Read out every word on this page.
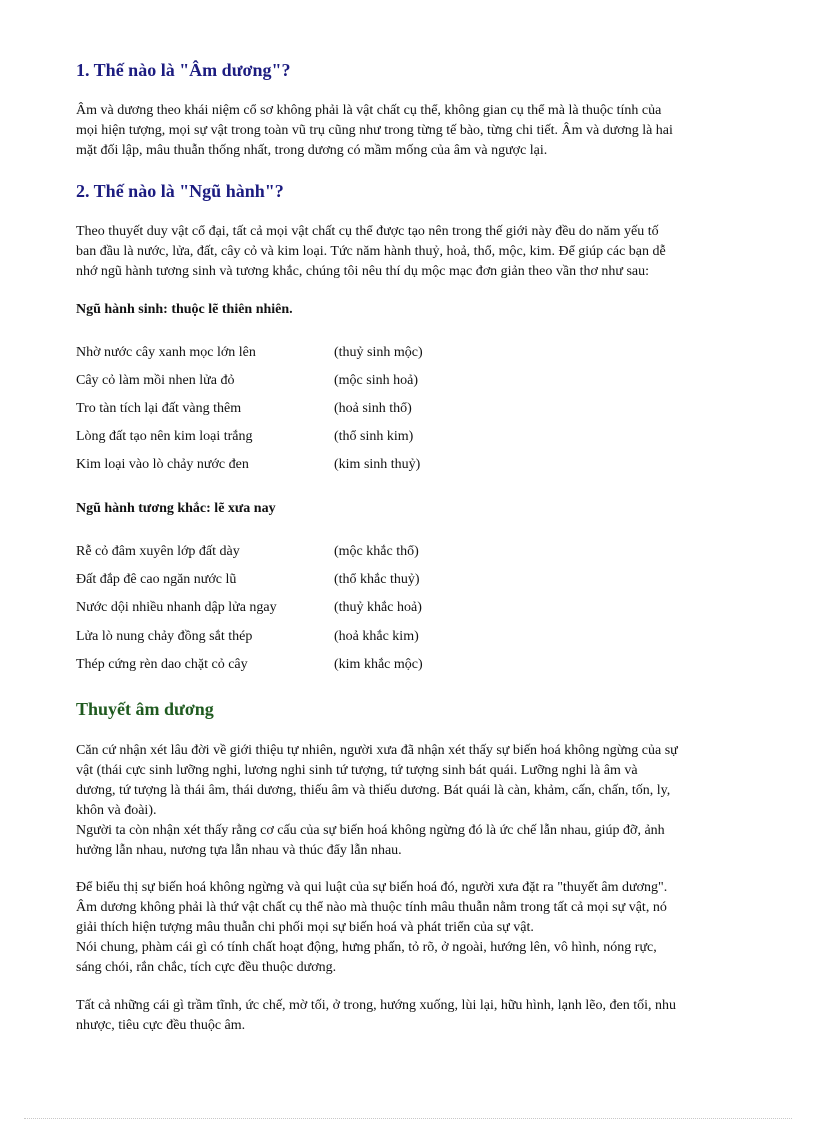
1. Thế nào là "Âm dương"?

Âm và dương theo khái niệm cổ sơ không phải là vật chất cụ thể, không gian cụ thể mà là thuộc tính của
mọi hiện tượng, mọi sự vật trong toàn vũ trụ cũng như trong từng tế bào, từng chi tiết. Âm và dương là hai
mặt đối lập, mâu thuẫn thống nhất, trong dương có mầm mống của âm và ngược lại.

2. Thế nào là "Ngũ hành"?

Theo thuyết duy vật cổ đại, tất cả mọi vật chất cụ thể được tạo nên trong thế giới này đều do năm yếu tố
ban đầu là nước, lửa, đất, cây cỏ và kim loại. Tức năm hành thuỷ, hoả, thổ, mộc, kim. Để giúp các bạn dễ
nhớ ngũ hành tương sinh và tương khắc, chúng tôi nêu thí dụ mộc mạc đơn giản theo vần thơ như sau:

Ngũ hành sinh: thuộc lẽ thiên nhiên.
Nhờ nước cây xanh mọc lớn lên	(thuỷ sinh mộc)
Cây cỏ làm mồi nhen lửa đỏ	(mộc sinh hoả)
Tro tàn tích lại đất vàng thêm	(hoả sinh thổ)
Lòng đất tạo nên kim loại trắng	(thổ sinh kim)
Kim loại vào lò chảy nước đen	(kim sinh thuỷ)
Ngũ hành tương khắc: lẽ xưa nay
Rễ cỏ đâm xuyên lớp đất dày	(mộc khắc thổ)
Đất đắp đê cao ngăn nước lũ	(thổ khắc thuỷ)
Nước dội nhiều nhanh dập lửa ngay	(thuỷ khắc hoả)
Lửa lò nung chảy đồng sắt thép	(hoả khắc kim)
Thép cứng rèn dao chặt cỏ cây	(kim khắc mộc)
Thuyết âm dương

Căn cứ nhận xét lâu đời về giới thiệu tự nhiên, người xưa đã nhận xét thấy sự biến hoá không ngừng của sự
vật (thái cực sinh lưỡng nghi, lương nghi sinh tứ tượng, tứ tượng sinh bát quái. Lưỡng nghi là âm và
dương, tứ tượng là thái âm, thái dương, thiếu âm và thiếu dương. Bát quái là càn, khảm, cấn, chấn, tốn, ly,
khôn và đoài).
Người ta còn nhận xét thấy rằng cơ cấu của sự biến hoá không ngừng đó là ức chế lẫn nhau, giúp đỡ, ảnh
hưởng lẫn nhau, nương tựa lẫn nhau và thúc đẩy lẫn nhau.

Để biểu thị sự biến hoá không ngừng và qui luật của sự biến hoá đó, người xưa đặt ra "thuyết âm dương".
Âm dương không phải là thứ vật chất cụ thể nào mà thuộc tính mâu thuẫn nằm trong tất cả mọi sự vật, nó
giải thích hiện tượng mâu thuẫn chi phối mọi sự biến hoá và phát triển của sự vật.
Nói chung, phàm cái gì có tính chất hoạt động, hưng phấn, tỏ rõ, ở ngoài, hướng lên, vô hình, nóng rực,
sáng chói, rắn chắc, tích cực đều thuộc dương.

Tất cả những cái gì trầm tĩnh, ức chế, mờ tối, ở trong, hướng xuống, lùi lại, hữu hình, lạnh lẽo, đen tối, nhu
nhược, tiêu cực đều thuộc âm.
